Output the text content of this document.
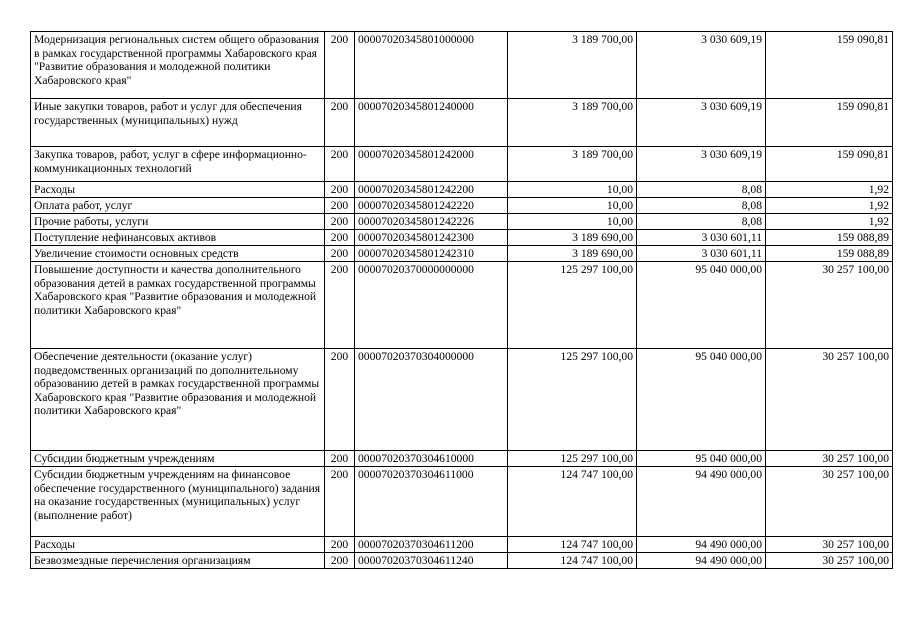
Модернизация региональных систем общего образования в рамках государственной программы Хабаровского края "Развитие образования и молодежной политики Хабаровского края"	200	00007020345801000000	3 189 700,00	3 030 609,19	159 090,81
Иные закупки товаров, работ и услуг для обеспечения государственных (муниципальных) нужд	200	00007020345801240000	3 189 700,00	3 030 609,19	159 090,81
Закупка товаров, работ, услуг в сфере информационно-коммуникационных технологий	200	00007020345801242000	3 189 700,00	3 030 609,19	159 090,81
Расходы	200	00007020345801242200	10,00	8,08	1,92
Оплата работ, услуг	200	00007020345801242220	10,00	8,08	1,92
Прочие работы, услуги	200	00007020345801242226	10,00	8,08	1,92
Поступление нефинансовых активов	200	00007020345801242300	3 189 690,00	3 030 601,11	159 088,89
Увеличение стоимости основных средств	200	00007020345801242310	3 189 690,00	3 030 601,11	159 088,89
Повышение доступности и качества дополнительного образования детей в рамках государственной программы Хабаровского края "Развитие образования и молодежной политики Хабаровского края"	200	00007020370000000000	125 297 100,00	95 040 000,00	30 257 100,00
Обеспечение деятельности (оказание услуг) подведомственных организаций по дополнительному образованию детей в рамках государственной программы Хабаровского края "Развитие образования и молодежной политики Хабаровского края"	200	00007020370304000000	125 297 100,00	95 040 000,00	30 257 100,00
Субсидии бюджетным учреждениям	200	00007020370304610000	125 297 100,00	95 040 000,00	30 257 100,00
Субсидии бюджетным учреждениям на финансовое обеспечение государственного (муниципального) задания на оказание государственных (муниципальных) услуг (выполнение работ)	200	00007020370304611000	124 747 100,00	94 490 000,00	30 257 100,00
Расходы	200	00007020370304611200	124 747 100,00	94 490 000,00	30 257 100,00
Безвозмездные перечисления организациям	200	00007020370304611240	124 747 100,00	94 490 000,00	30 257 100,00
